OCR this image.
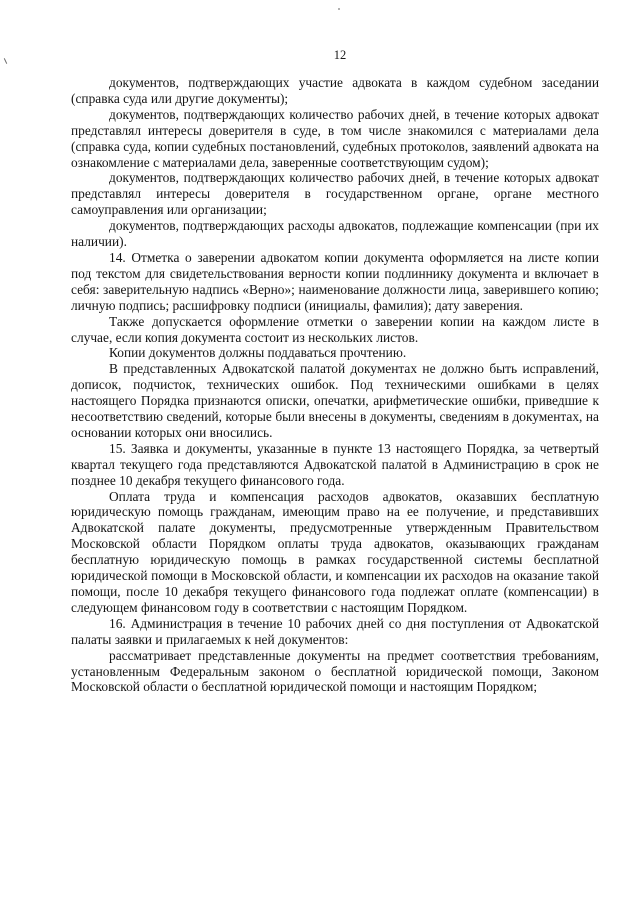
12

документов, подтверждающих участие адвоката в каждом судебном заседании (справка суда или другие документы);

документов, подтверждающих количество рабочих дней, в течение которых адвокат представлял интересы доверителя в суде, в том числе знакомился с материалами дела (справка суда, копии судебных постановлений, судебных протоколов, заявлений адвоката на ознакомление с материалами дела, заверенные соответствующим судом);

документов, подтверждающих количество рабочих дней, в течение которых адвокат представлял интересы доверителя в государственном органе, органе местного самоуправления или организации;

документов, подтверждающих расходы адвокатов, подлежащие компенсации (при их наличии).

14. Отметка о заверении адвокатом копии документа оформляется на листе копии под текстом для свидетельствования верности копии подлиннику документа и включает в себя: заверительную надпись «Верно»; наименование должности лица, заверившего копию; личную подпись; расшифровку подписи (инициалы, фамилия); дату заверения.

Также допускается оформление отметки о заверении копии на каждом листе в случае, если копия документа состоит из нескольких листов.

Копии документов должны поддаваться прочтению.

В представленных Адвокатской палатой документах не должно быть исправлений, дописок, подчисток, технических ошибок. Под техническими ошибками в целях настоящего Порядка признаются описки, опечатки, арифметические ошибки, приведшие к несоответствию сведений, которые были внесены в документы, сведениям в документах, на основании которых они вносились.

15. Заявка и документы, указанные в пункте 13 настоящего Порядка, за четвертый квартал текущего года представляются Адвокатской палатой в Администрацию в срок не позднее 10 декабря текущего финансового года.

Оплата труда и компенсация расходов адвокатов, оказавших бесплатную юридическую помощь гражданам, имеющим право на ее получение, и представивших Адвокатской палате документы, предусмотренные утвержденным Правительством Московской области Порядком оплаты труда адвокатов, оказывающих гражданам бесплатную юридическую помощь в рамках государственной системы бесплатной юридической помощи в Московской области, и компенсации их расходов на оказание такой помощи, после 10 декабря текущего финансового года подлежат оплате (компенсации) в следующем финансовом году в соответствии с настоящим Порядком.

16. Администрация в течение 10 рабочих дней со дня поступления от Адвокатской палаты заявки и прилагаемых к ней документов:

рассматривает представленные документы на предмет соответствия требованиям, установленным Федеральным законом о бесплатной юридической помощи, Законом Московской области о бесплатной юридической помощи и настоящим Порядком;
